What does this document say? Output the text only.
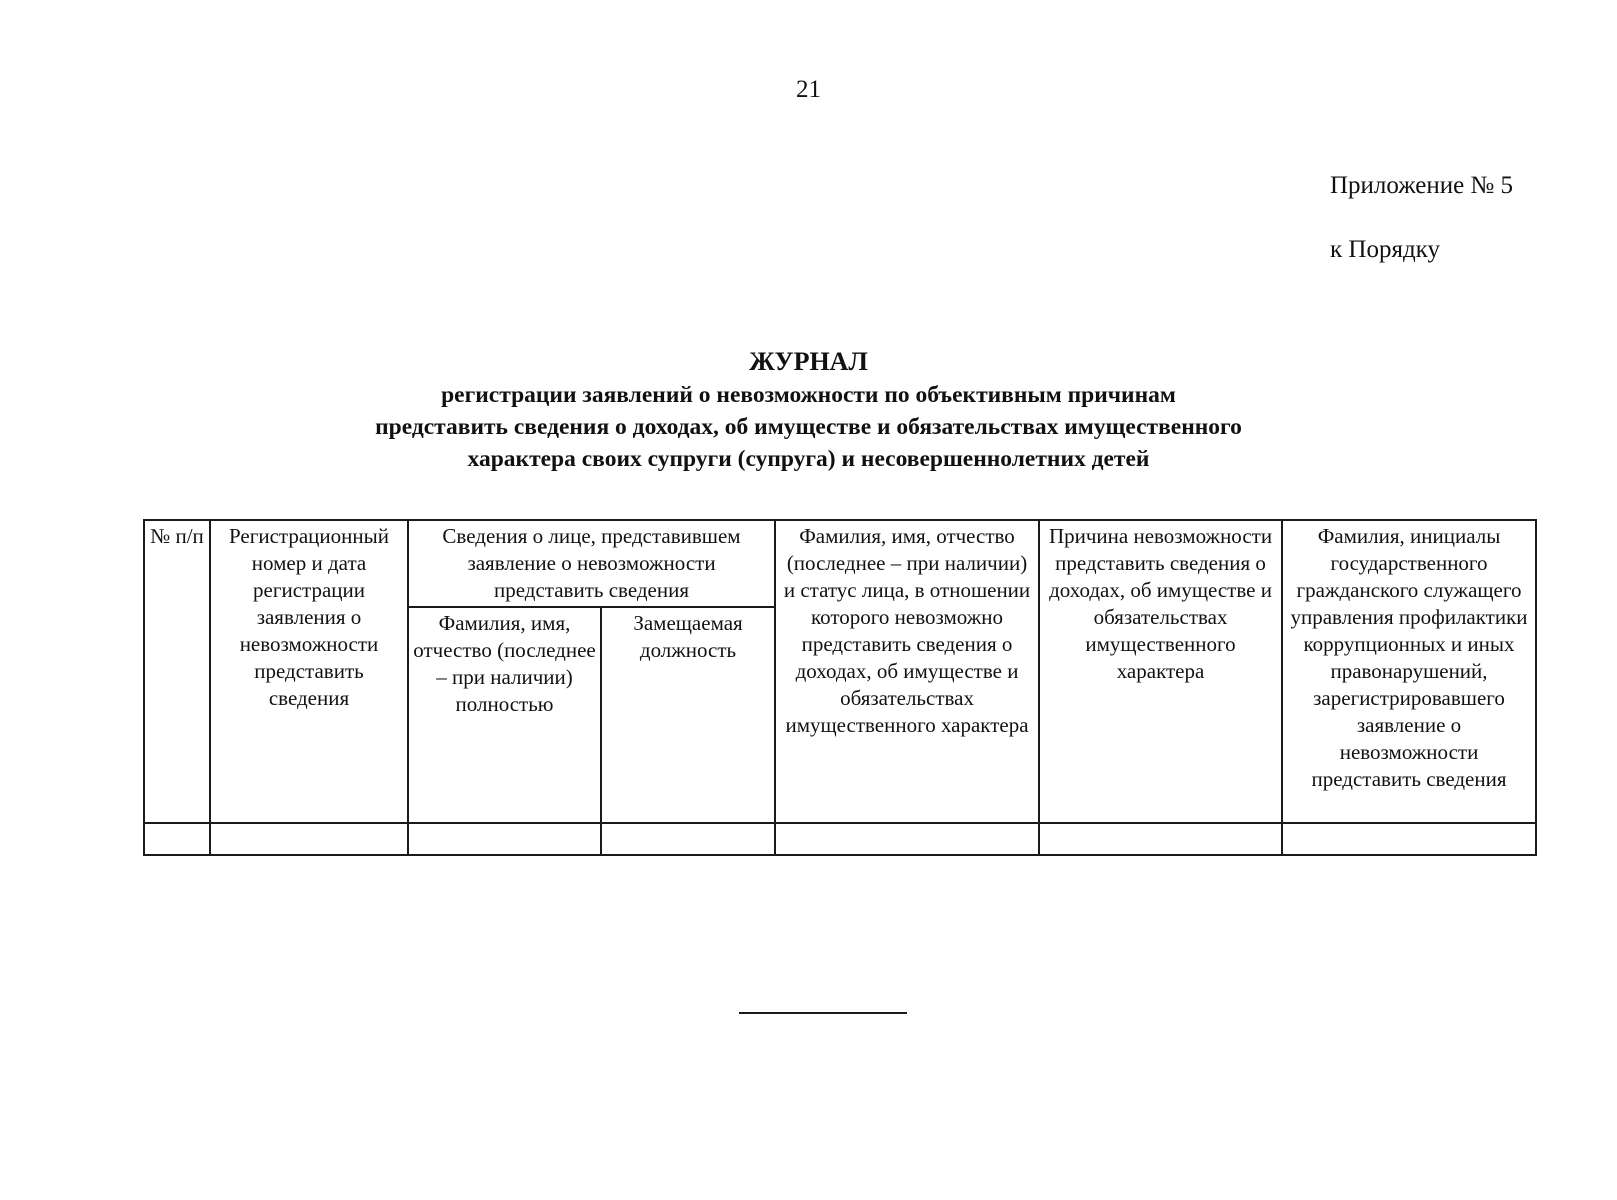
21
Приложение № 5
к Порядку
ЖУРНАЛ
регистрации заявлений о невозможности по объективным причинам
представить сведения о доходах, об имуществе и обязательствах имущественного
характера своих супруги (супруга) и несовершеннолетних детей
№ п/п	Регистрационный номер и дата регистрации заявления о невозможности представить сведения	Сведения о лице, представившем заявление о невозможности представить сведения		Фамилия, имя, отчество (последнее – при наличии) и статус лица, в отношении которого невозможно представить сведения о доходах, об имуществе и обязательствах имущественного характера	Причина невозможности представить сведения о доходах, об имуществе и обязательствах имущественного характера	Фамилия, инициалы государственного гражданского служащего управления профилактики коррупционных и иных правонарушений, зарегистрировавшего заявление о невозможности представить сведения
		Фамилия, имя, отчество (последнее – при наличии) полностью	Замещаемая должность			
